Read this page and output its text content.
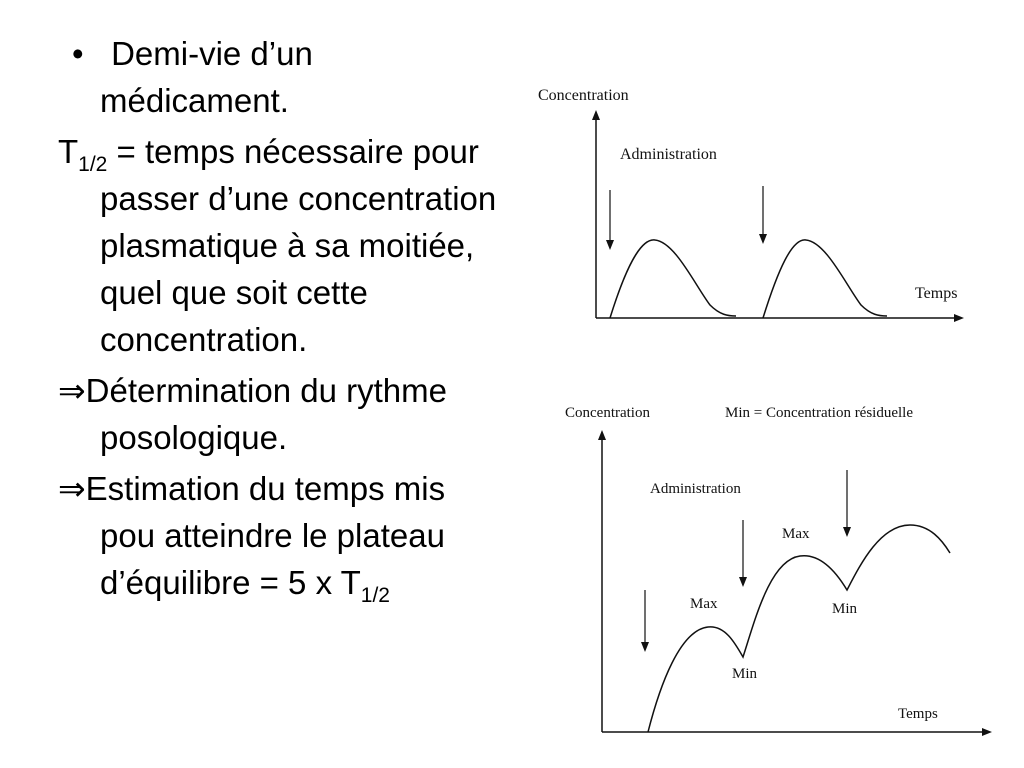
• Demi-vie d’un médicament.

$T_{1/2}$ = temps nécessaire pour passer d’une concentration plasmatique à sa moitiée, quel que soit cette concentration.

⇒Détermination du rythme posologique.

⇒Estimation du temps mis pou atteindre le plateau d’équilibre = 5 x $T_{1/2}$

Concentration
Administration
Temps
Concentration	Min = Concentration résiduelle
Administration
Max
Max
Min
Min
Temps
